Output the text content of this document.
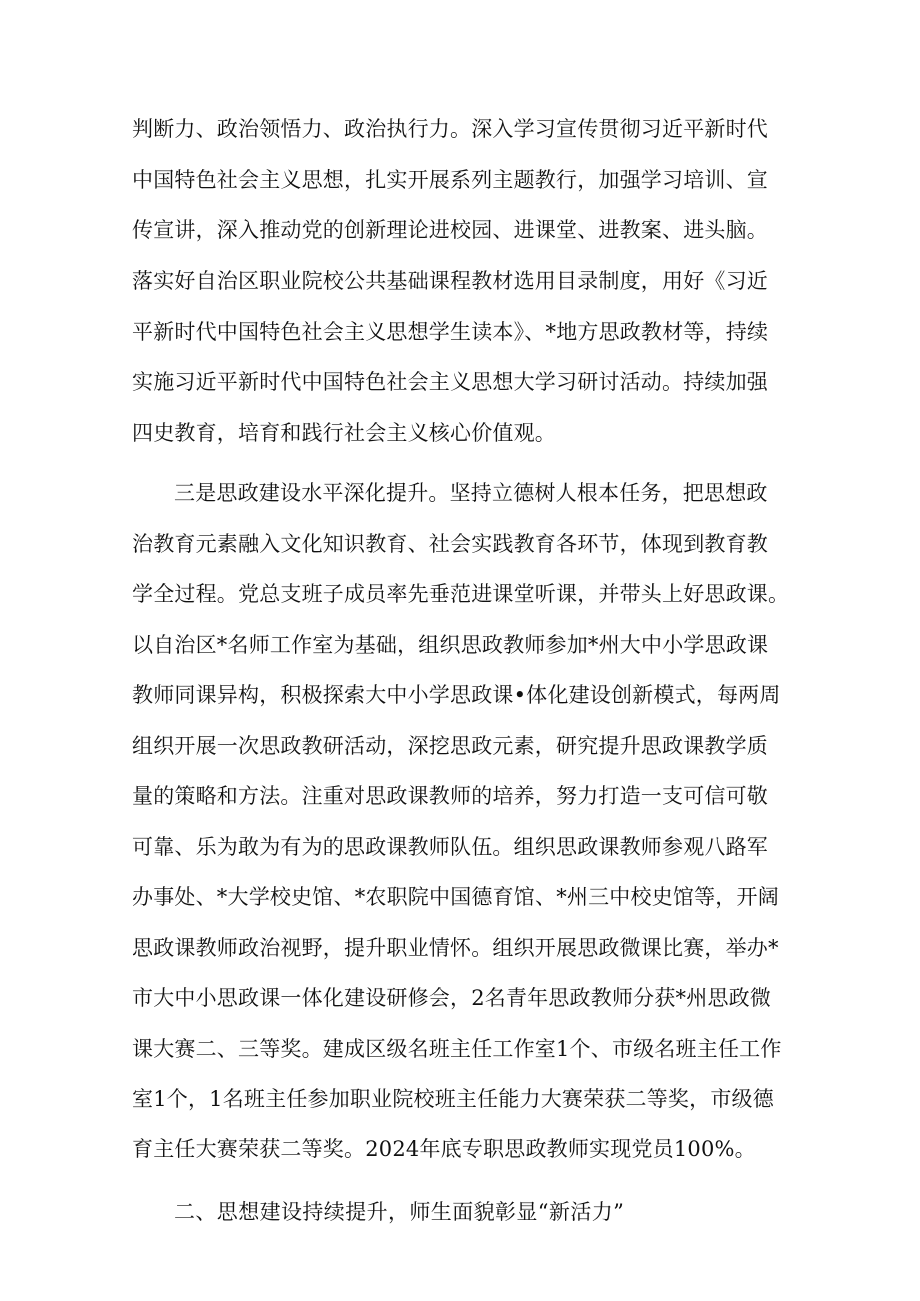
判断力、政治领悟力、政治执行力。深入学习宣传贯彻习近平新时代
中国特色社会主义思想，扎实开展系列主题教行，加强学习培训、宣
传宣讲，深入推动党的创新理论进校园、进课堂、进教案、进头脑。
落实好自治区职业院校公共基础课程教材选用目录制度，用好《习近
平新时代中国特色社会主义思想学生读本》、*地方思政教材等，持续
实施习近平新时代中国特色社会主义思想大学习研讨活动。持续加强
四史教育，培育和践行社会主义核心价值观。
三是思政建设水平深化提升。坚持立德树人根本任务，把思想政
治教育元素融入文化知识教育、社会实践教育各环节，体现到教育教
学全过程。党总支班子成员率先垂范进课堂听课，并带头上好思政课。
以自治区*名师工作室为基础，组织思政教师参加*州大中小学思政课
教师同课异构，积极探索大中小学思政课•体化建设创新模式，每两周
组织开展一次思政教研活动，深挖思政元素，研究提升思政课教学质
量的策略和方法。注重对思政课教师的培养，努力打造一支可信可敬
可靠、乐为敢为有为的思政课教师队伍。组织思政课教师参观八路军
办事处、*大学校史馆、*农职院中国德育馆、*州三中校史馆等，开阔
思政课教师政治视野，提升职业情怀。组织开展思政微课比赛，举办*
市大中小思政课一体化建设研修会，2名青年思政教师分获*州思政微
课大赛二、三等奖。建成区级名班主任工作室1个、市级名班主任工作
室1个，1名班主任参加职业院校班主任能力大赛荣获二等奖，市级德
育主任大赛荣获二等奖。2024年底专职思政教师实现党员100%。
二、思想建设持续提升，师生面貌彰显“新活力”
